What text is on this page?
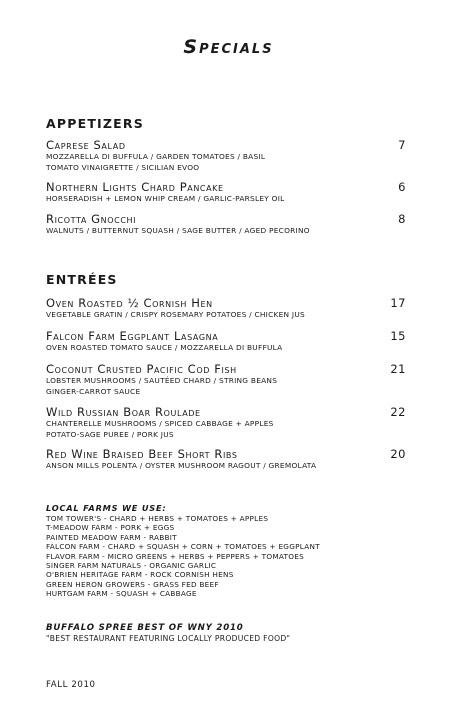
Specials
APPETIZERS
Caprese Salad	7
MOZZARELLA DI BUFFULA / GARDEN TOMATOES / BASIL
TOMATO VINAIGRETTE / SICILIAN EVOO
Northern Lights Chard Pancake	6
HORSERADISH + LEMON WHIP CREAM / GARLIC-PARSLEY OIL
Ricotta Gnocchi	8
WALNUTS / BUTTERNUT SQUASH / SAGE BUTTER / AGED PECORINO
ENTRÉES
Oven Roasted ½ Cornish Hen	17
VEGETABLE GRATIN / CRISPY ROSEMARY POTATOES / CHICKEN JUS
Falcon Farm Eggplant Lasagna	15
OVEN ROASTED TOMATO SAUCE / MOZZARELLA DI BUFFULA
Coconut Crusted Pacific Cod Fish	21
LOBSTER MUSHROOMS / SAUTÉED CHARD / STRING BEANS
GINGER-CARROT SAUCE
Wild Russian Boar Roulade	22
CHANTERELLE MUSHROOMS / SPICED CABBAGE + APPLES
POTATO-SAGE PUREE / PORK JUS
Red Wine Braised Beef Short Ribs	20
ANSON MILLS POLENTA / OYSTER MUSHROOM RAGOUT / GREMOLATA
LOCAL FARMS WE USE:
TOM TOWER'S - CHARD + HERBS + TOMATOES + APPLES
T-MEADOW FARM - PORK + EGGS
PAINTED MEADOW FARM - RABBIT
FALCON FARM - CHARD + SQUASH + CORN + TOMATOES + EGGPLANT
FLAVOR FARM - MICRO GREENS + HERBS + PEPPERS + TOMATOES
SINGER FARM NATURALS - ORGANIC GARLIC
O'BRIEN HERITAGE FARM - ROCK CORNISH HENS
GREEN HERON GROWERS - GRASS FED BEEF
HURTGAM FARM - SQUASH + CABBAGE
BUFFALO SPREE BEST OF WNY 2010
"BEST RESTAURANT FEATURING LOCALLY PRODUCED FOOD"
FALL 2010
